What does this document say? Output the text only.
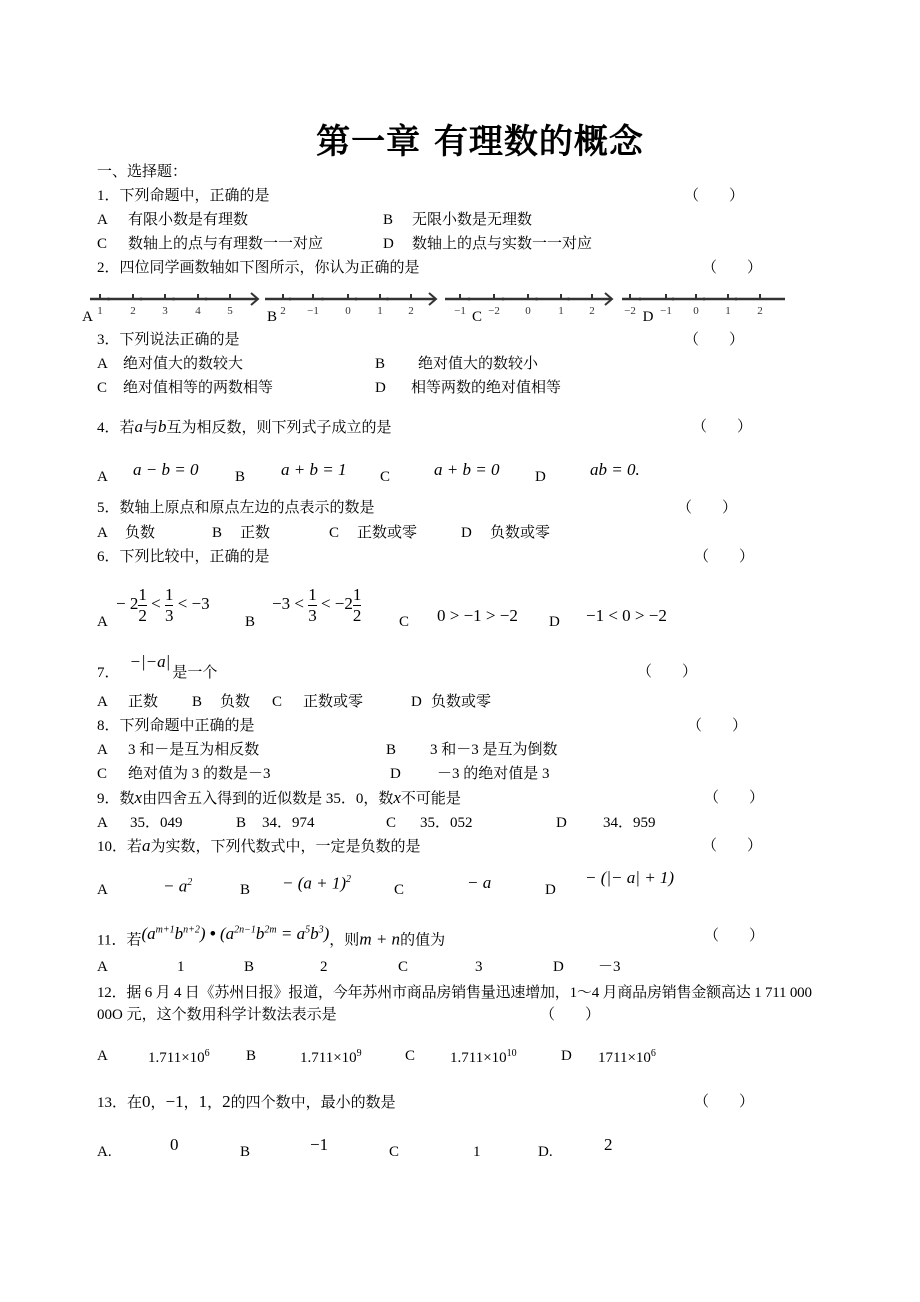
第一章 有理数的概念
一、选择题：
1．下列命题中，正确的是	（　　）
A 有限小数是有理数	B 无限小数是无理数
C 数轴上的点与有理数一一对应	D 数轴上的点与实数一一对应
2．四位同学画数轴如下图所示，你认为正确的是	（　　）
1	2 3	4 5
A	2 −1 0 1 2
B	−1 −2 0	1 2
C	−2 −1 0 1 2
D
3．下列说法正确的是	（　　）
A 绝对值大的数较大	B 绝对值大的数较小
C 绝对值相等的两数相等	D 相等两数的绝对值相等
4．若a与b互为相反数，则下列式子成立的是	（　　）
A a − b = 0 B a + b = 1 C	a + b = 0 D	ab = 0.
5．数轴上原点和原点左边的点表示的数是	（　　）
A 负数	B 正数	C 正数或零	D 负数或零
6．下列比较中，正确的是	（　　）
A
− $2 \frac{1}{2} < \frac{1}{3} < -3$
B
$-3 < \frac{1}{3} < -2 \frac{1}{2}$	C 0 > −1 > −2 D −1 < 0 > −2
7．−|−a|是一个	（　　）
A 正数 B 负数 C 正数或零	D 负数或零
8．下列命题中正确的是	（　　）
A 3 和－是互为相反数	B 3 和－3 是互为倒数
C 绝对值为 3 的数是－3	D －3 的绝对值是 3
9．数x由四舍五入得到的近似数是 35．0，数x不可能是	（　　）
A 35．049	B 34．974	C 35．052	D 34．959
10．若a为实数，下列代数式中，一定是负数的是	（　　）
A	− $a^2$	$B - (a + 1)^2$
C	− a	D
− (|− a| + 1)
11．若$(a^{m+1}b^{n+2})$ • $(a^{2n-1}b^{2m} = a^5b^3)$，则m + n的值为	（　　）
A	1	B	2	C	3	D －3
12．据 6 月 4 日《苏州日报》报道，今年苏州市商品房销售量迅速增加，1～4 月商品房销售金额高达 1 711 000
00O 元，这个数用科学计数法表示是	（　　）
A	$1.711\times 10^6$ B	$1.711\times 10^9$	C $1.711\times 10^{10}$	D $1711\times 10^6$
13．在0，−1，1，2的四个数中，最小的数是	（　　）
A.	0	B	−1	C	1	D.	2
